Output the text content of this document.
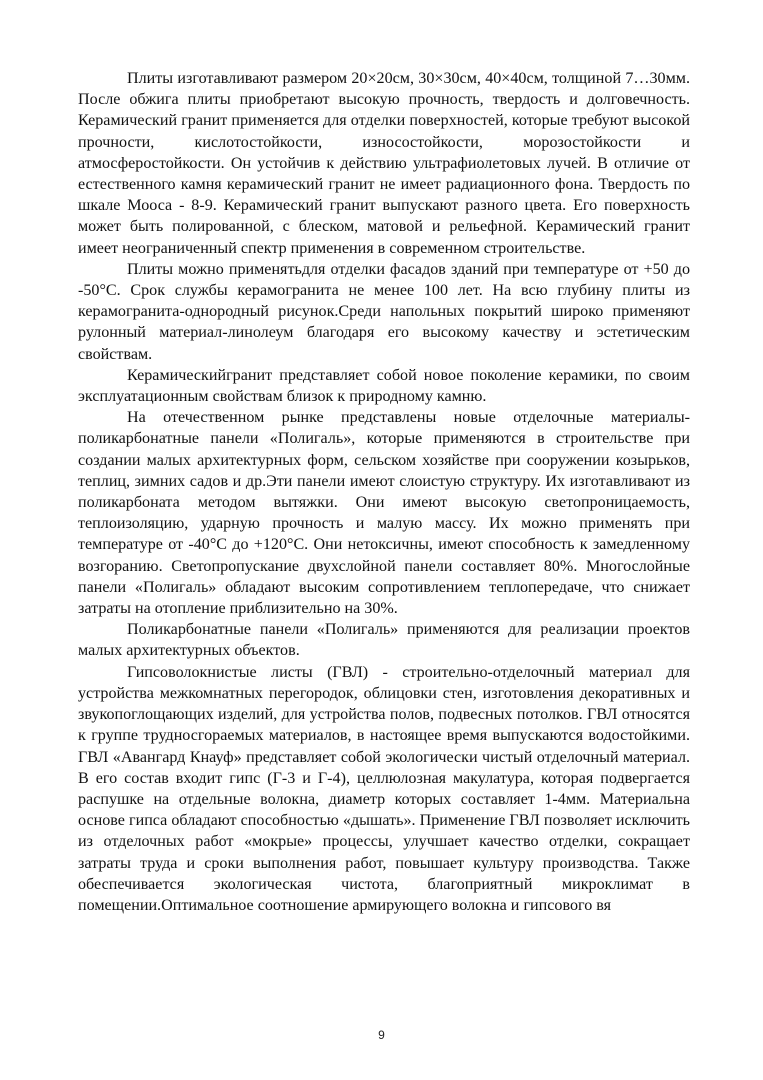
Плиты изготавливают размером 20×20см, 30×30см, 40×40см, толщиной 7…30мм. После обжига плиты приобретают высокую прочность, твердость и долговечность. Керамический гранит применяется для отделки поверхностей, которые требуют высокой прочности, кислотостойкости, износостойкости, морозостойкости и атмосферостойкости. Он устойчив к действию ультрафиолетовых лучей. В отличие от естественного камня керамический гранит не имеет радиационного фона. Твердость по шкале Мооса - 8-9. Керамический гранит выпускают разного цвета. Его поверхность может быть полированной, с блеском, матовой и рельефной. Керамический гранит имеет неограниченный спектр применения в современном строительстве.

Плиты можно применятьдля отделки фасадов зданий при температуре от +50 до -50°С. Срок службы керамогранита не менее 100 лет. На всю глубину плиты из керамогранита-однородный рисунок.Среди напольных покрытий широко применяют рулонный материал-линолеум благодаря его высокому качеству и эстетическим свойствам.

Керамическийгранит представляет собой новое поколение керамики, по своим эксплуатационным свойствам близок к природному камню.

На отечественном рынке представлены новые отделочные материалы-поликарбонатные панели «Полигаль», которые применяются в строительстве при создании малых архитектурных форм, сельском хозяйстве при сооружении козырьков, теплиц, зимних садов и др.Эти панели имеют слоистую структуру. Их изготавливают из поликарбоната методом вытяжки. Они имеют высокую светопроницаемость, теплоизоляцию, ударную прочность и малую массу. Их можно применять при температуре от -40°С до +120°С. Они нетоксичны, имеют способность к замедленному возгоранию. Светопропускание двухслойной панели составляет 80%. Многослойные панели «Полигаль» обладают высоким сопротивлением теплопередаче, что снижает затраты на отопление приблизительно на 30%.

Поликарбонатные панели «Полигаль» применяются для реализации проектов малых архитектурных объектов.

Гипсоволокнистые листы (ГВЛ) - строительно-отделочный материал для устройства межкомнатных перегородок, облицовки стен, изготовления декоративных и звукопоглощающих изделий, для устройства полов, подвесных потолков. ГВЛ относятся к группе трудносгораемых материалов, в настоящее время выпускаются водостойкими. ГВЛ «Авангард Кнауф» представляет собой экологически чистый отделочный материал. В его состав входит гипс (Г-3 и Г-4), целлюлозная макулатура, которая подвергается распушке на отдельные волокна, диаметр которых составляет 1-4мм. Материальна основе гипса обладают способностью «дышать». Применение ГВЛ позволяет исключить из отделочных работ «мокрые» процессы, улучшает качество отделки, сокращает затраты труда и сроки выполнения работ, повышает культуру производства. Также обеспечивается экологическая чистота, благоприятный микроклимат в помещении.Оптимальное соотношение армирующего волокна и гипсового вя

9
